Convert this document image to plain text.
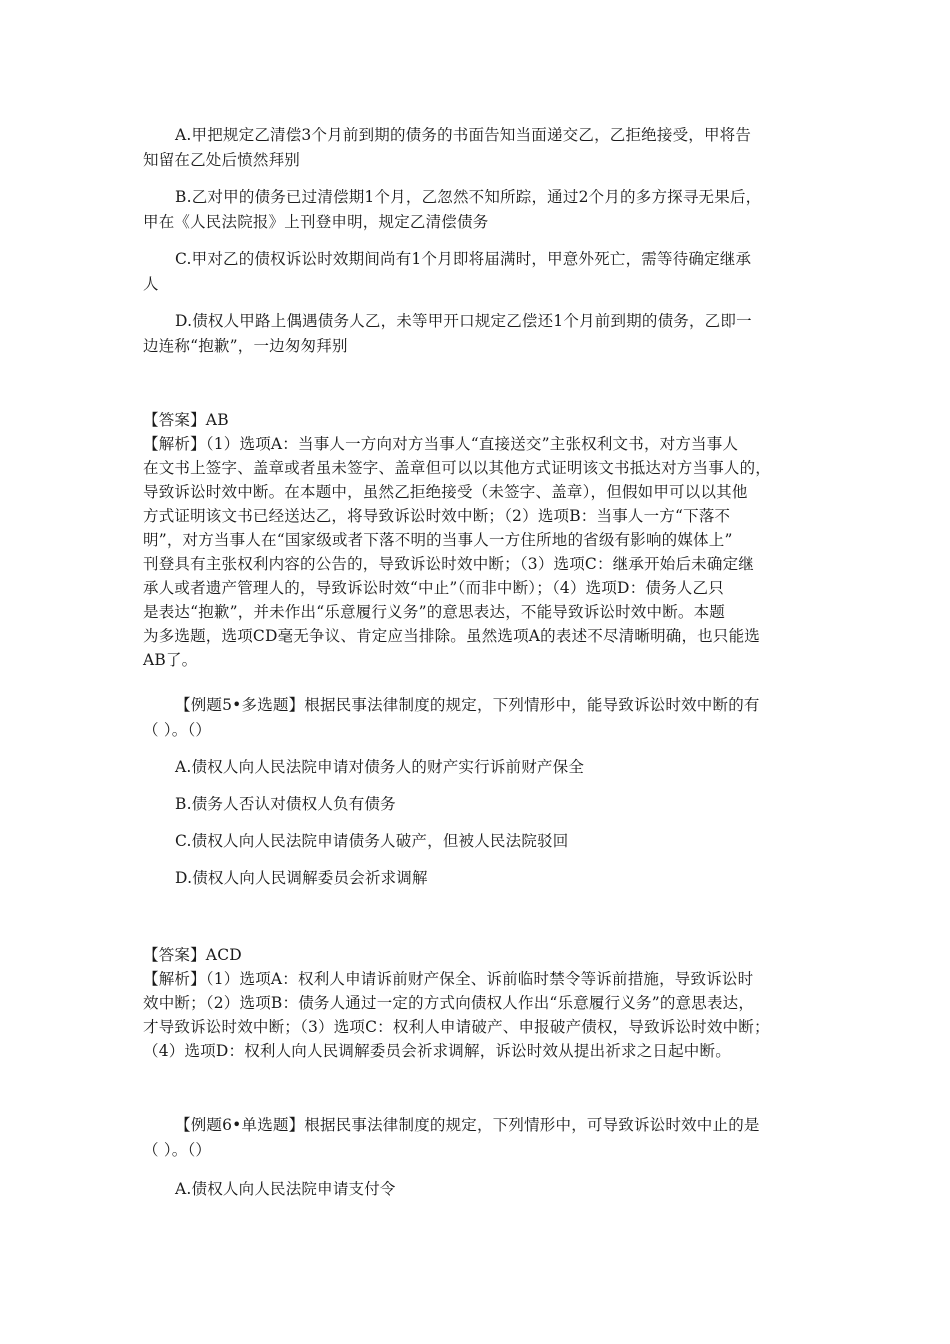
A.甲把规定乙清偿3个月前到期的债务的书面告知当面递交乙，乙拒绝接受，甲将告
知留在乙处后愤然拜别
B.乙对甲的债务已过清偿期1个月，乙忽然不知所踪，通过2个月的多方探寻无果后，
甲在《人民法院报》上刊登申明，规定乙清偿债务
C.甲对乙的债权诉讼时效期间尚有1个月即将届满时，甲意外死亡，需等待确定继承
人
D.债权人甲路上偶遇债务人乙，未等甲开口规定乙偿还1个月前到期的债务，乙即一
边连称“抱歉”，一边匆匆拜别
【答案】AB
【解析】（1）选项A：当事人一方向对方当事人“直接送交”主张权利文书，对方当事人
在文书上签字、盖章或者虽未签字、盖章但可以以其他方式证明该文书抵达对方当事人的，
导致诉讼时效中断。在本题中，虽然乙拒绝接受（未签字、盖章），但假如甲可以以其他
方式证明该文书已经送达乙，将导致诉讼时效中断；（2）选项B：当事人一方“下落不
明”，对方当事人在“国家级或者下落不明的当事人一方住所地的省级有影响的媒体上”
刊登具有主张权利内容的公告的，导致诉讼时效中断；（3）选项C：继承开始后未确定继
承人或者遗产管理人的，导致诉讼时效“中止”（而非中断）；（4）选项D：债务人乙只
是表达“抱歉”，并未作出“乐意履行义务”的意思表达，不能导致诉讼时效中断。本题
为多选题，选项CD毫无争议、肯定应当排除。虽然选项A的表述不尽清晰明确，也只能选
AB了。
【例题5•多选题】根据民事法律制度的规定，下列情形中，能导致诉讼时效中断的有
（ ）。（）
A.债权人向人民法院申请对债务人的财产实行诉前财产保全
B.债务人否认对债权人负有债务
C.债权人向人民法院申请债务人破产，但被人民法院驳回
D.债权人向人民调解委员会祈求调解
【答案】ACD
【解析】（1）选项A：权利人申请诉前财产保全、诉前临时禁令等诉前措施，导致诉讼时
效中断；（2）选项B：债务人通过一定的方式向债权人作出“乐意履行义务”的意思表达，
才导致诉讼时效中断；（3）选项C：权利人申请破产、申报破产债权，导致诉讼时效中断；
（4）选项D：权利人向人民调解委员会祈求调解，诉讼时效从提出祈求之日起中断。
【例题6•单选题】根据民事法律制度的规定，下列情形中，可导致诉讼时效中止的是
（ ）。（）
A.债权人向人民法院申请支付令
